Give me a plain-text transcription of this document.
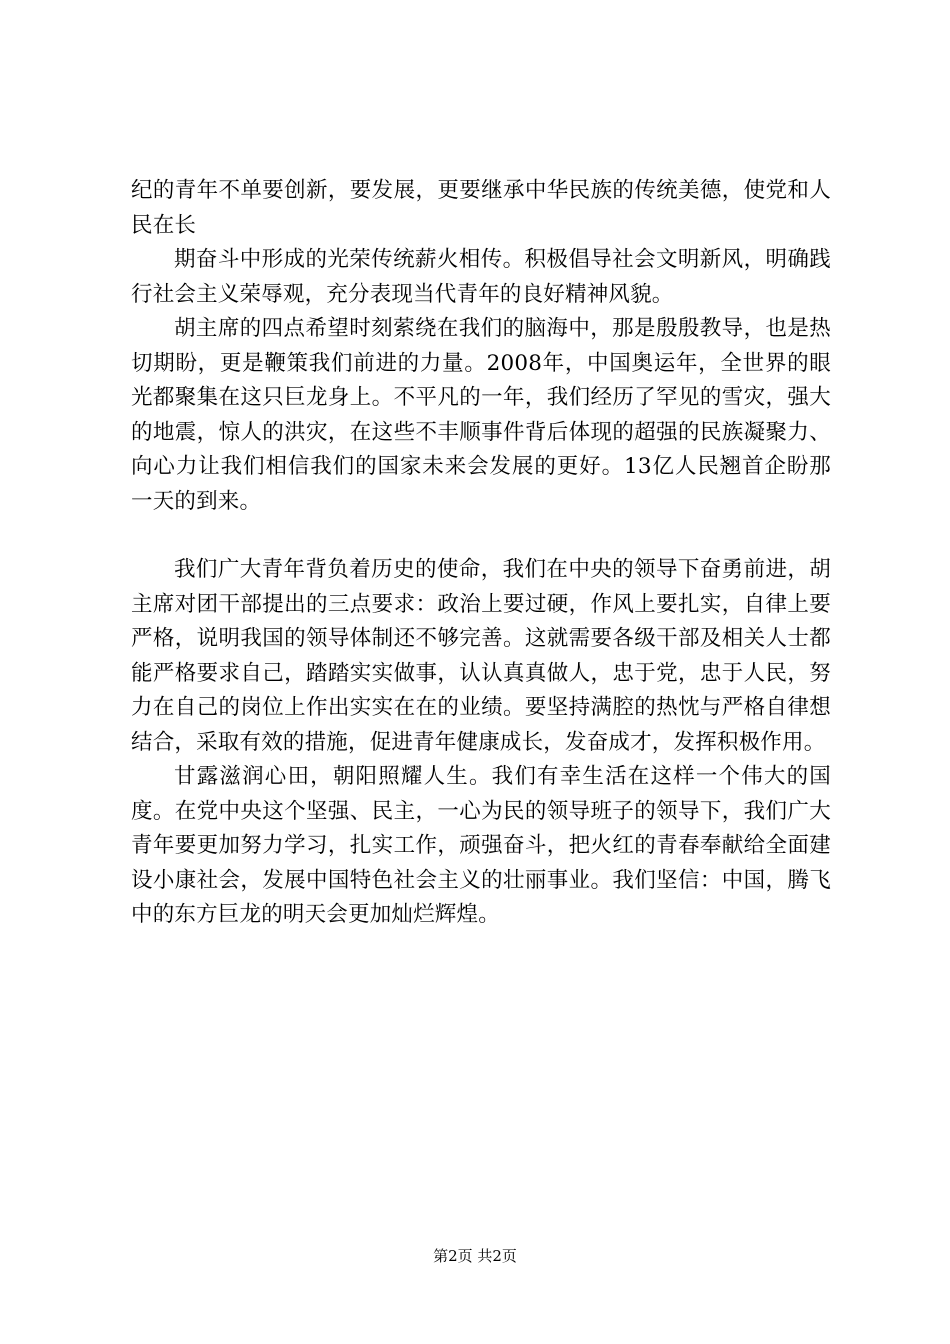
纪的青年不单要创新，要发展，更要继承中华民族的传统美德，使党和人民在长

期奋斗中形成的光荣传统薪火相传。积极倡导社会文明新风，明确践行社会主义荣辱观，充分表现当代青年的良好精神风貌。

胡主席的四点希望时刻萦绕在我们的脑海中，那是殷殷教导，也是热切期盼，更是鞭策我们前进的力量。2008年，中国奥运年，全世界的眼光都聚集在这只巨龙身上。不平凡的一年，我们经历了罕见的雪灾，强大的地震，惊人的洪灾，在这些不丰顺事件背后体现的超强的民族凝聚力、向心力让我们相信我们的国家未来会发展的更好。13亿人民翘首企盼那一天的到来。

我们广大青年背负着历史的使命，我们在中央的领导下奋勇前进，胡主席对团干部提出的三点要求：政治上要过硬，作风上要扎实，自律上要严格，说明我国的领导体制还不够完善。这就需要各级干部及相关人士都能严格要求自己，踏踏实实做事，认认真真做人，忠于党，忠于人民，努力在自己的岗位上作出实实在在的业绩。要坚持满腔的热忱与严格自律想结合，采取有效的措施，促进青年健康成长，发奋成才，发挥积极作用。

甘露滋润心田，朝阳照耀人生。我们有幸生活在这样一个伟大的国度。在党中央这个坚强、民主，一心为民的领导班子的领导下，我们广大青年要更加努力学习，扎实工作，顽强奋斗，把火红的青春奉献给全面建设小康社会，发展中国特色社会主义的壮丽事业。我们坚信：中国，腾飞中的东方巨龙的明天会更加灿烂辉煌。

第2页 共2页
